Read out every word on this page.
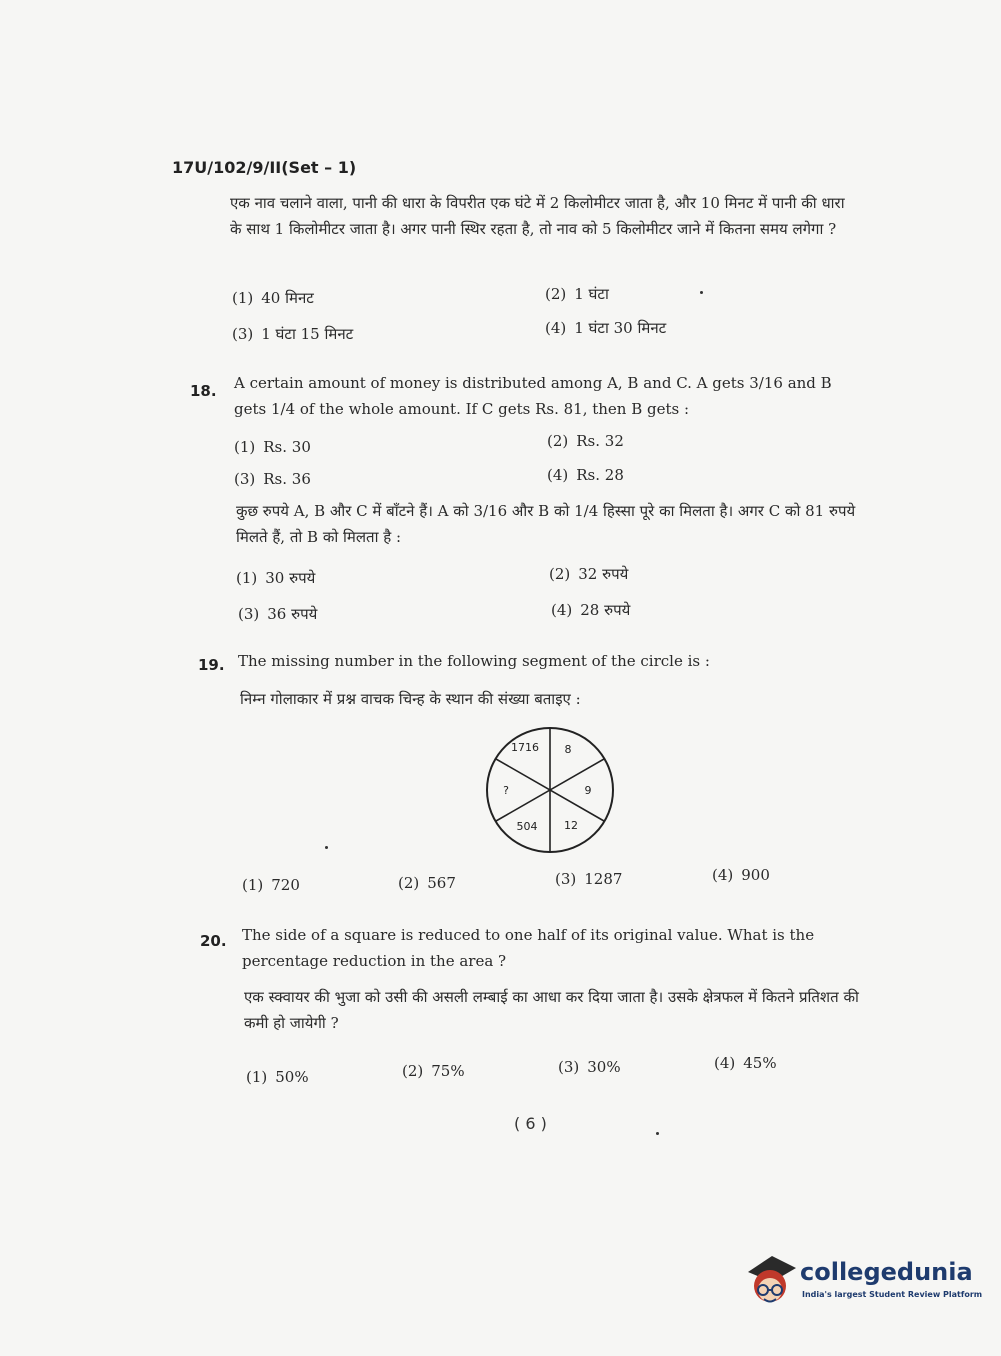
17U/102/9/II(Set – 1)
एक नाव चलाने वाला, पानी की धारा के विपरीत एक घंटे में 2 किलोमीटर जाता है, और 10 मिनट में पानी की धारा के साथ 1 किलोमीटर जाता है। अगर पानी स्थिर रहता है, तो नाव को 5 किलोमीटर जाने में कितना समय लगेगा ?
(1) 40 मिनट	(2) 1 घंटा
(3) 1 घंटा 15 मिनट	(4) 1 घंटा 30 मिनट
18. A certain amount of money is distributed among A, B and C. A gets 3/16 and B gets 1/4 of the whole amount. If C gets Rs. 81, then B gets :
(1) Rs. 30	(2) Rs. 32
(3) Rs. 36	(4) Rs. 28
कुछ रुपये A, B और C में बाँटने हैं। A को 3/16 और B को 1/4 हिस्सा पूरे का मिलता है। अगर C को 81 रुपये मिलते हैं, तो B को मिलता है :
(1) 30 रुपये	(2) 32 रुपये
(3) 36 रुपये	(4) 28 रुपये
19. The missing number in the following segment of the circle is :
निम्न गोलाकार में प्रश्न वाचक चिन्ह के स्थान की संख्या बताइए :
1716 8
9
12
504
?
(1) 720	(2) 567	(3) 1287	(4) 900
20. The side of a square is reduced to one half of its original value. What is the percentage reduction in the area ?
एक स्क्वायर की भुजा को उसी की असली लम्बाई का आधा कर दिया जाता है। उसके क्षेत्रफल में कितने प्रतिशत की कमी हो जायेगी ?
(1) 50%	(2) 75%	(3) 30%	(4) 45%
( 6 )
collegedunia
India's largest Student Review Platform
